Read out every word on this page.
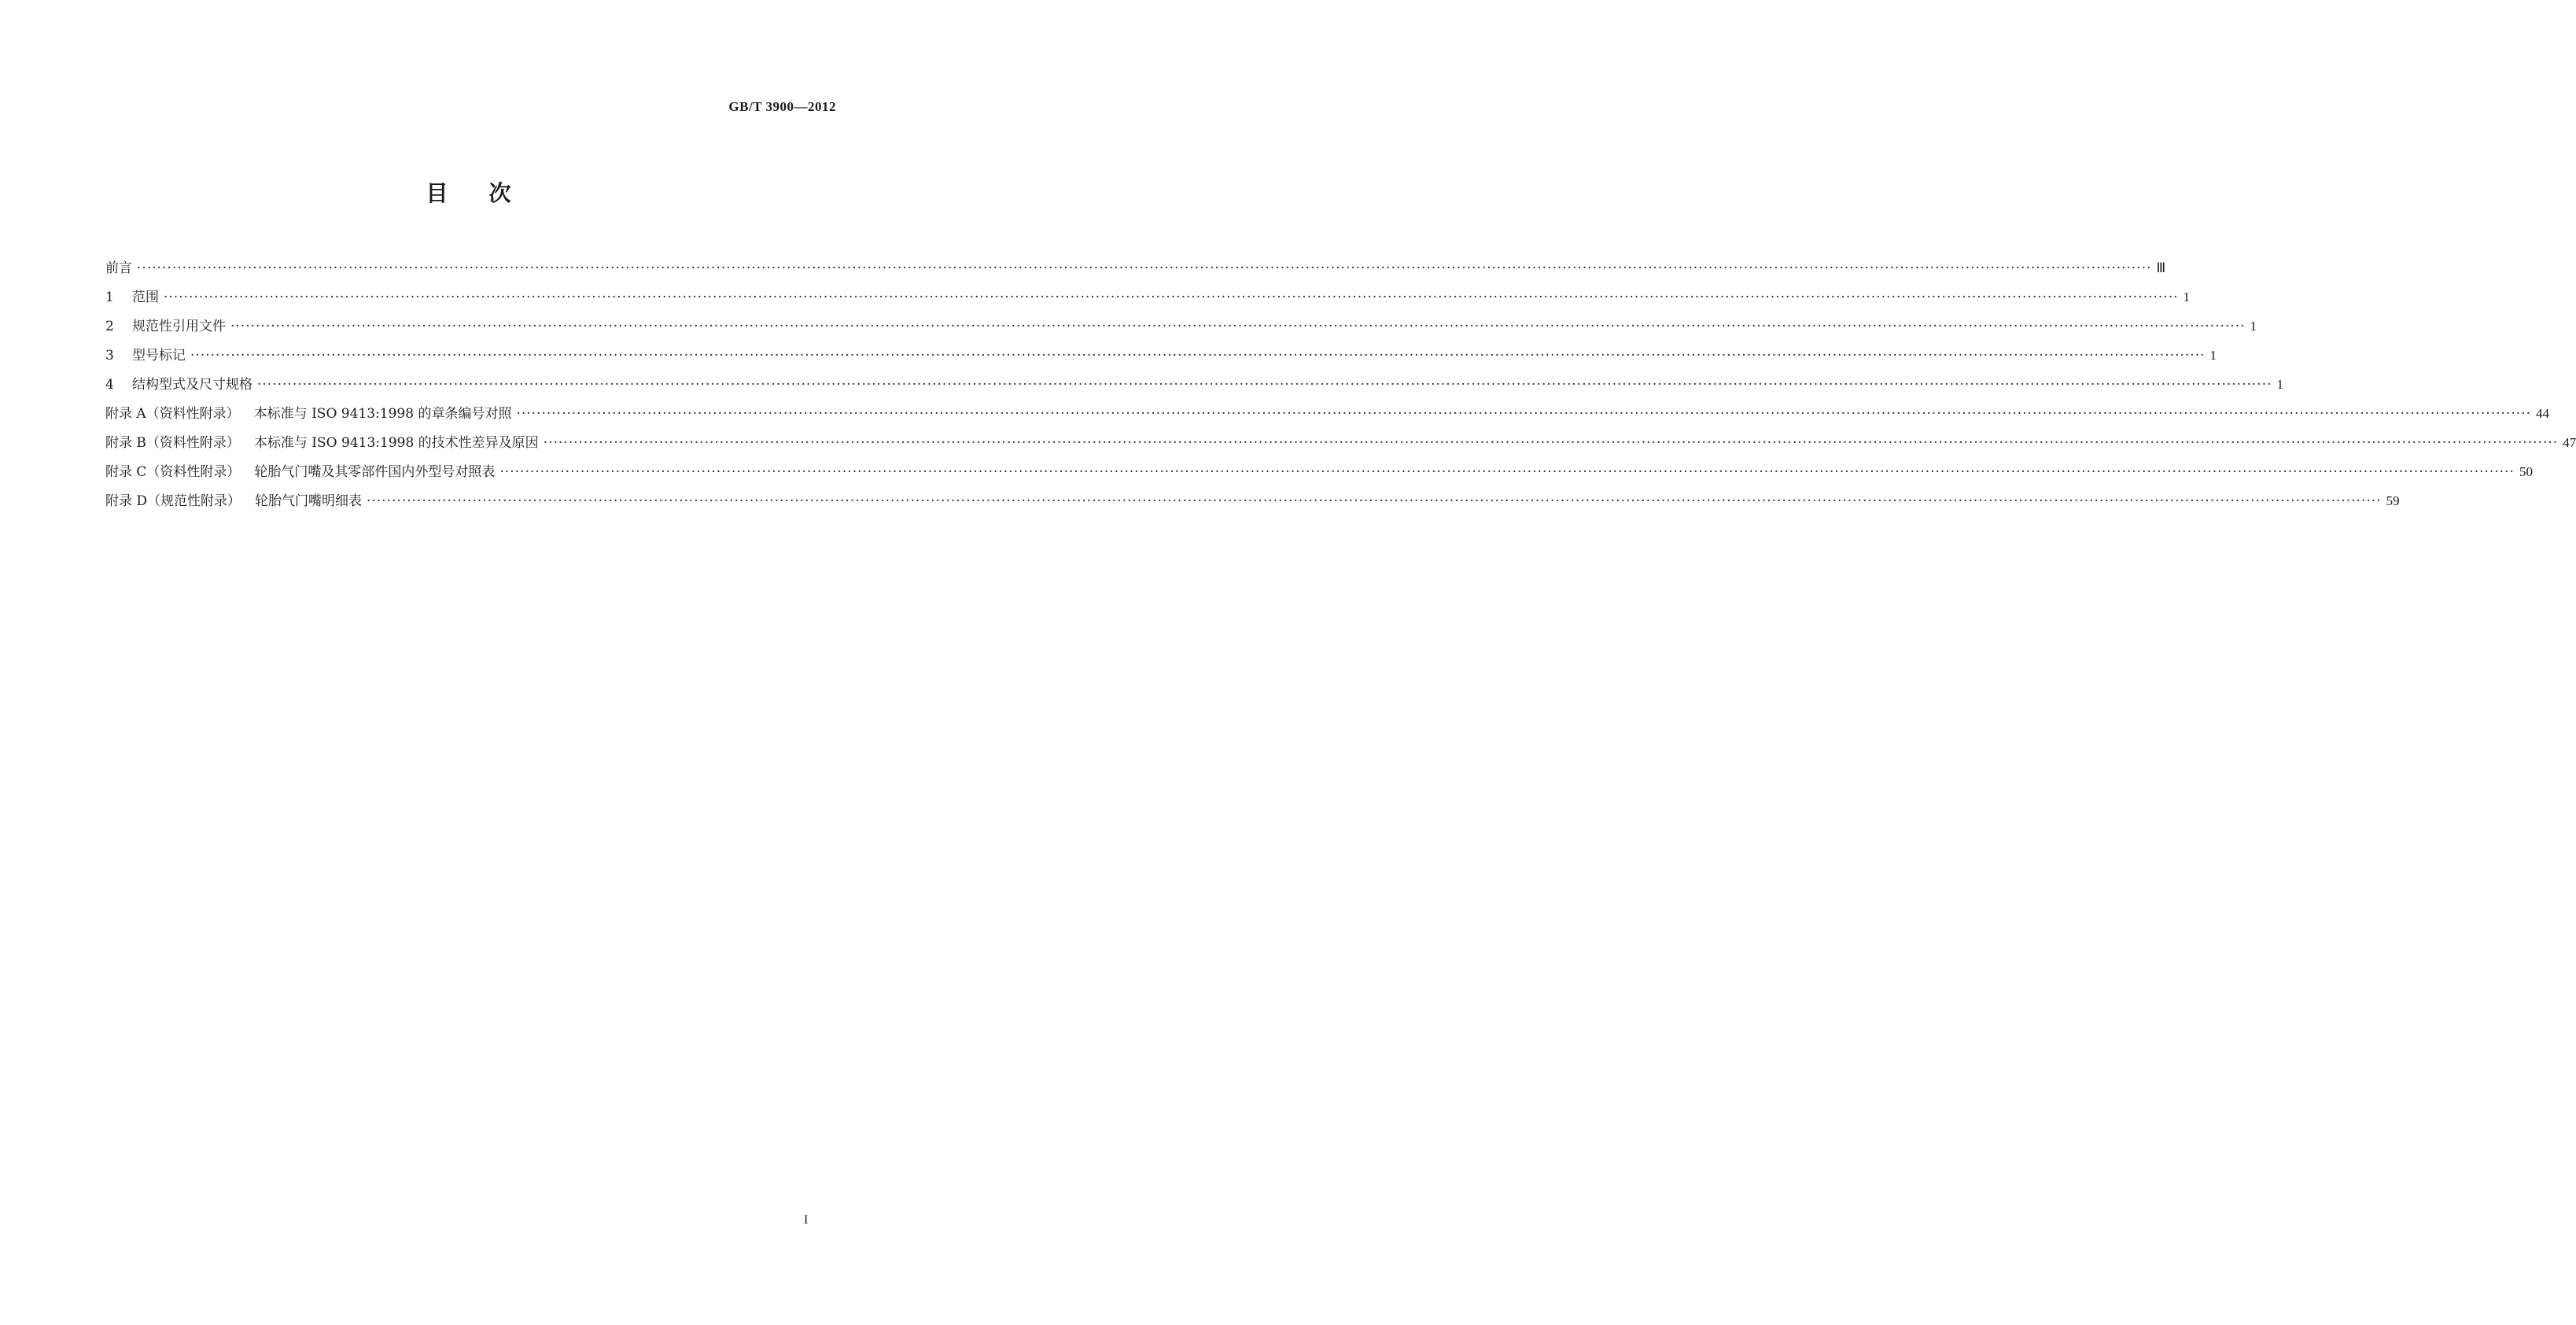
GB/T 3900—2012
目次
前言 ················································································································································································································································································································································································································ Ⅲ
1 范围 ················································································································································································································································································································································································································ 1
2 规范性引用文件 ················································································································································································································································································································································································································ 1
3 型号标记 ················································································································································································································································································································································································································ 1
4 结构型式及尺寸规格 ················································································································································································································································································································································································································ 1
附录 A（资料性附录） 本标准与 ISO 9413:1998 的章条编号对照 ················································································································································································································································································································································································································ 44
附录 B（资料性附录） 本标准与 ISO 9413:1998 的技术性差异及原因 ················································································································································································································································································································································································································ 47
附录 C（资料性附录） 轮胎气门嘴及其零部件国内外型号对照表 ················································································································································································································································································································································································································ 50
附录 D（规范性附录） 轮胎气门嘴明细表 ················································································································································································································································································································································································································ 59
I
